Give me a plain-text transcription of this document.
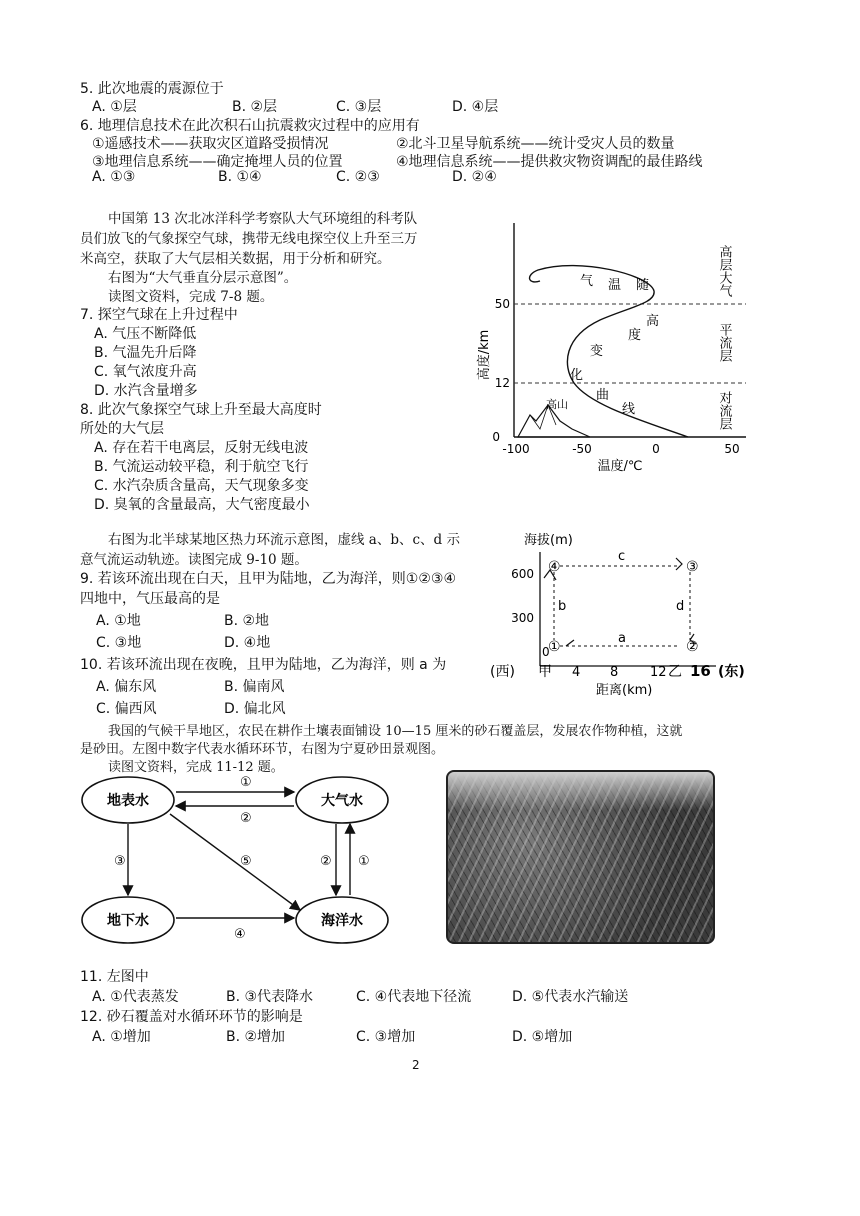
5. 此次地震的震源位于
A. ①层	B. ②层	C. ③层	D. ④层
6. 地理信息技术在此次积石山抗震救灾过程中的应用有
①遥感技术——获取灾区道路受损情况	②北斗卫星导航系统——统计受灾人员的数量
③地理信息系统——确定掩埋人员的位置	④地理信息系统——提供救灾物资调配的最佳路线
A. ①③	B. ①④	C. ②③	D. ②④
中国第 13 次北冰洋科学考察队大气环境组的科考队
员们放飞的气象探空气球，携带无线电探空仪上升至三万
米高空，获取了大气层相关数据，用于分析和研究。
右图为“大气垂直分层示意图”。
读图文资料，完成 7-8 题。
7. 探空气球在上升过程中
A. 气压不断降低
B. 气温先升后降
C. 氧气浓度升高
D. 水汽含量增多
8. 此次气象探空气球上升至最大高度时
所处的大气层
A. 存在若干电离层，反射无线电波
B. 气流运动较平稳，利于航空飞行
C. 水汽杂质含量高，天气现象多变
D. 臭氧的含量最高，大气密度最小
高山
气 温 随
高
度
变
化
曲
线
0
12
50
高度/km
-100	-50	0	50
温度/℃
高层大气
平流层
对流层
右图为北半球某地区热力环流示意图，虚线 a、b、c、d 示
意气流运动轨迹。读图完成 9-10 题。
9. 若该环流出现在白天，且甲为陆地，乙为海洋，则①②③④
四地中，气压最高的是
A. ①地	B. ②地
C. ③地	D. ④地
10. 若该环流出现在夜晚，且甲为陆地，乙为海洋，则 a 为
A. 偏东风	B. 偏南风
C. 偏西风	D. 偏北风
海拔(m)
600
300
0
①	②
③
④
a
b
c
d
(西) 甲 4 8 12 乙 16 (东)
距离(km)
我国的气候干旱地区，农民在耕作土壤表面铺设 10—15 厘米的砂石覆盖层，发展农作物种植，这就
是砂田。左图中数字代表水循环环节，右图为宁夏砂田景观图。
读图文资料，完成 11-12 题。
地表水	大气水
地下水	海洋水
①
②
③	⑤	② ①
④
11. 左图中
A. ①代表蒸发	B. ③代表降水	C. ④代表地下径流	D. ⑤代表水汽输送
12. 砂石覆盖对水循环环节的影响是
A. ①增加	B. ②增加	C. ③增加	D. ⑤增加
2
